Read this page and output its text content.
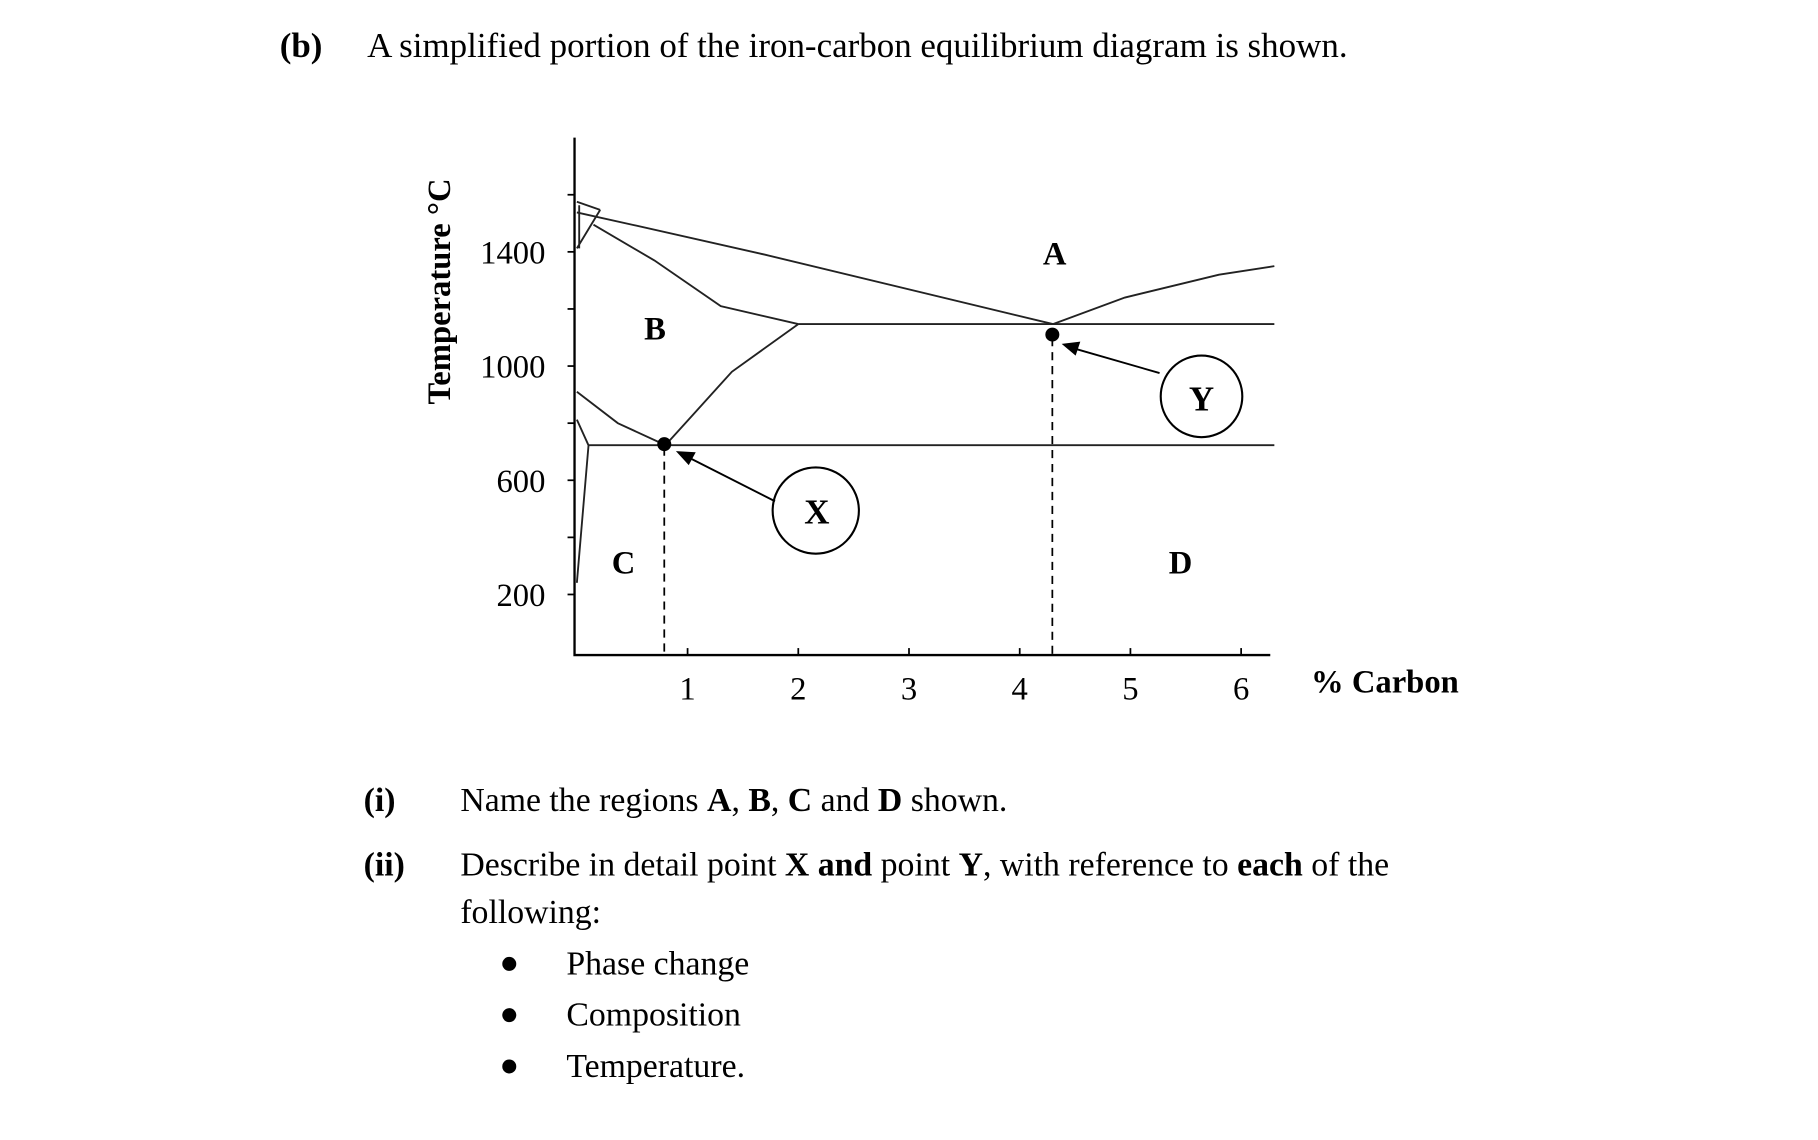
(b) A simplified portion of the iron-carbon equilibrium diagram is shown.
Temperature °C 1400
1000
600
200
1	2	3	4	5	6
X
Y
A
B
C	D
% Carbon
(i) Name the regions A, B, C and D shown.
(ii) Describe in detail point X and point Y, with reference to each of the
following:
Phase change
Composition
Temperature.
